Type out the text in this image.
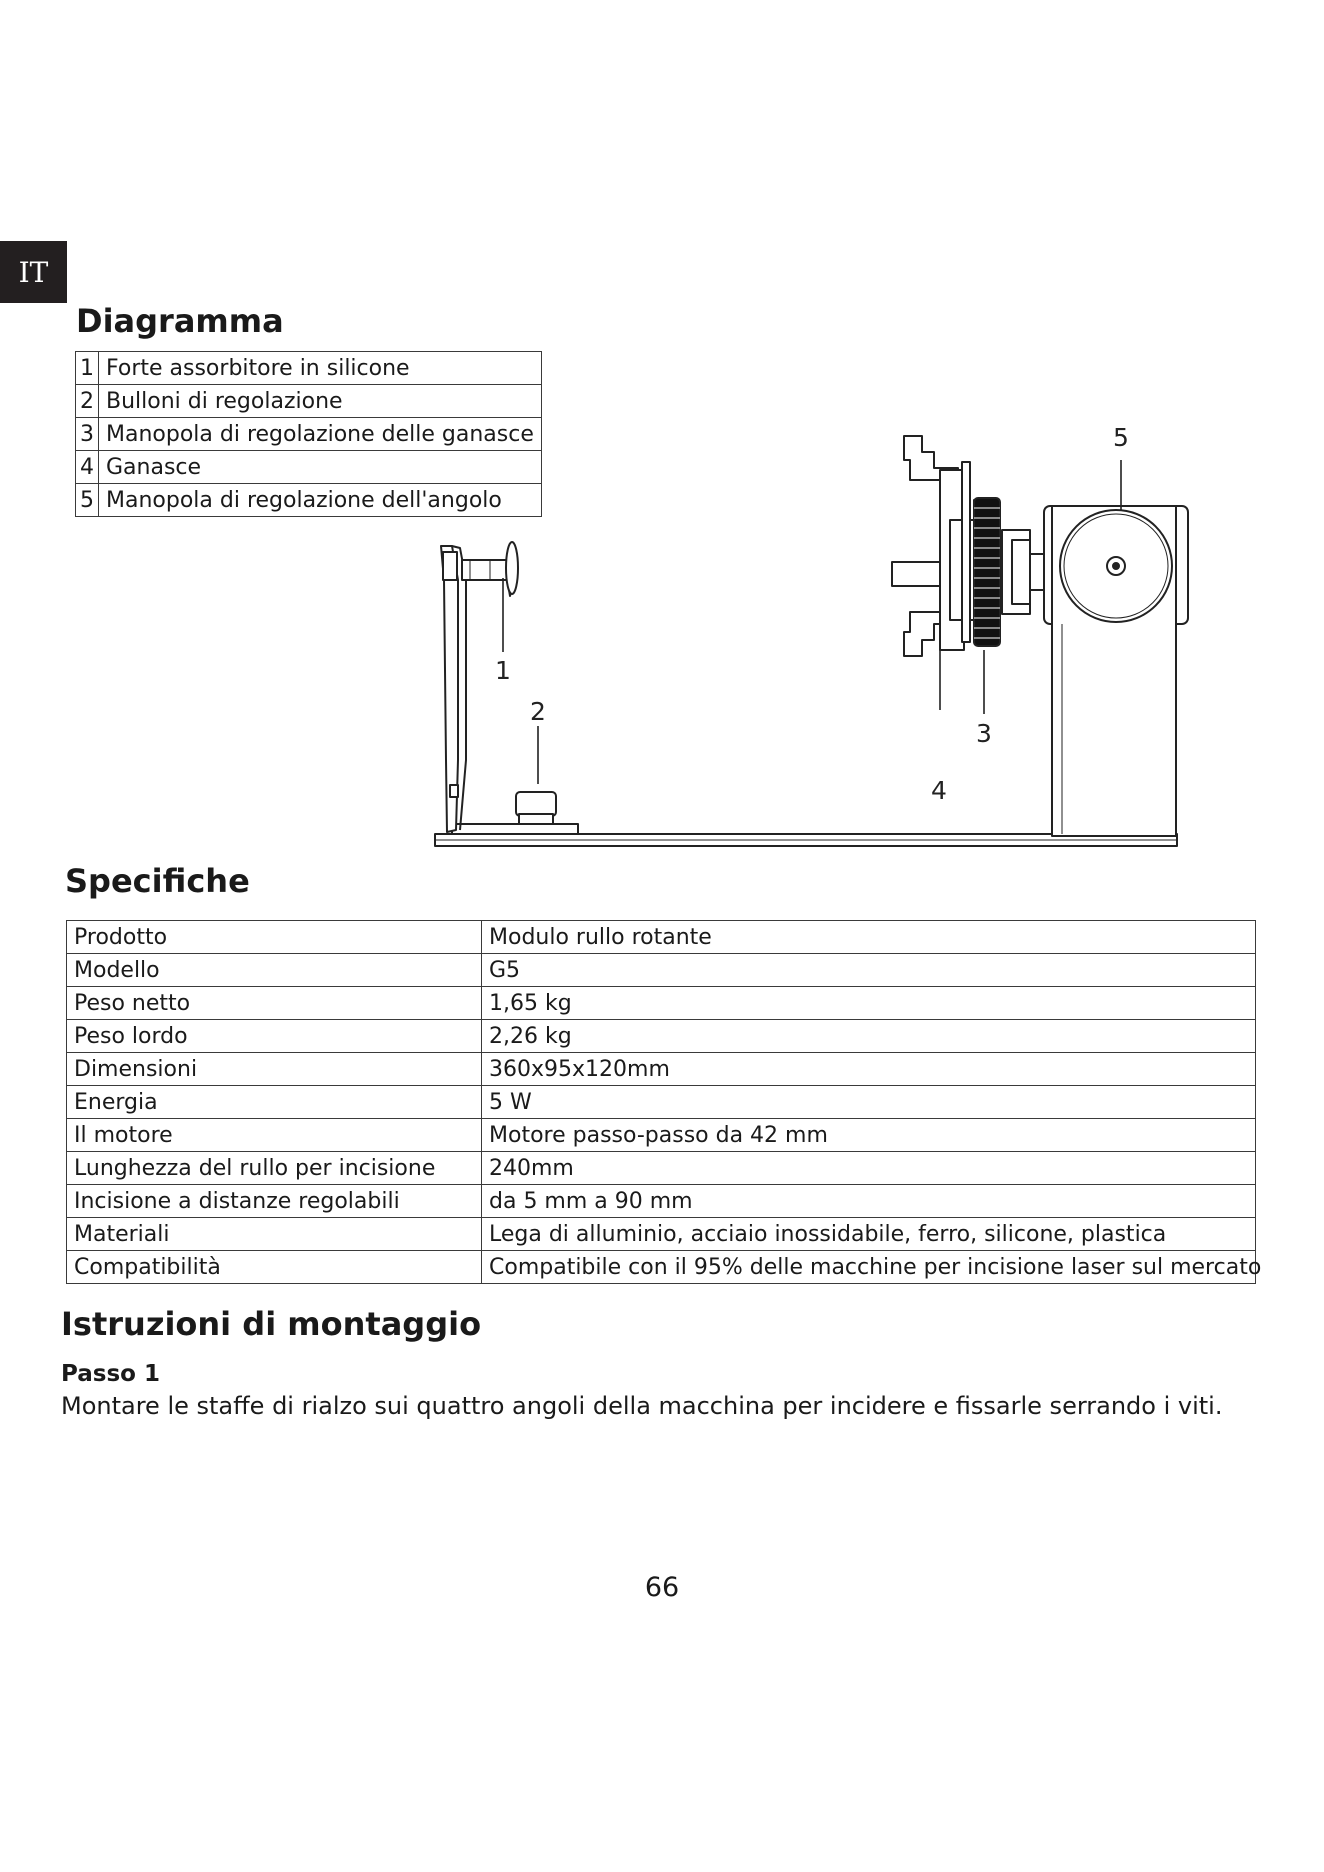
IT
Diagramma
1	Forte assorbitore in silicone
2	Bulloni di regolazione
3	Manopola di regolazione delle ganasce
4	Ganasce
5	Manopola di regolazione dell'angolo
1
2
3
4
5
Specifiche
Prodotto	Modulo rullo rotante
Modello	G5
Peso netto	1,65 kg
Peso lordo	2,26 kg
Dimensioni	360x95x120mm
Energia	5 W
Il motore	Motore passo-passo da 42 mm
Lunghezza del rullo per incisione	240mm
Incisione a distanze regolabili	da 5 mm a 90 mm
Materiali	Lega di alluminio, acciaio inossidabile, ferro, silicone, plastica
Compatibilità	Compatibile con il 95% delle macchine per incisione laser sul mercato
Istruzioni di montaggio
Passo 1
Montare le staffe di rialzo sui quattro angoli della macchina per incidere e fissarle serrando i viti.
66
